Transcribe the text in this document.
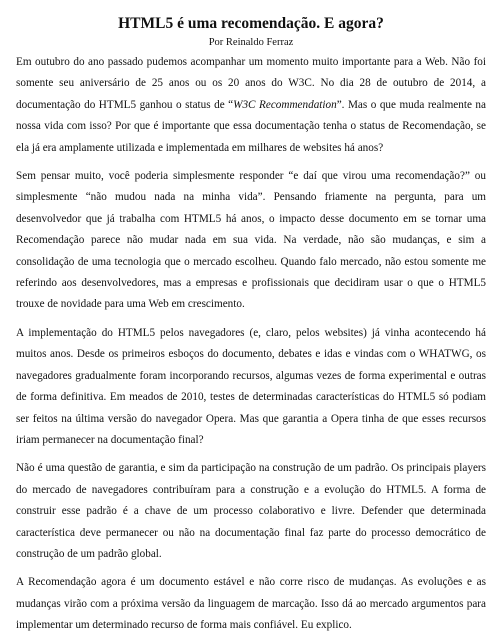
HTML5 é uma recomendação. E agora?
Por Reinaldo Ferraz

Em outubro do ano passado pudemos acompanhar um momento muito importante para a Web. Não foi somente seu aniversário de 25 anos ou os 20 anos do W3C. No dia 28 de outubro de 2014, a documentação do HTML5 ganhou o status de “W3C Recommendation”. Mas o que muda realmente na nossa vida com isso? Por que é importante que essa documentação tenha o status de Recomendação, se ela já era amplamente utilizada e implementada em milhares de websites há anos?

Sem pensar muito, você poderia simplesmente responder “e daí que virou uma recomendação?” ou simplesmente “não mudou nada na minha vida”. Pensando friamente na pergunta, para um desenvolvedor que já trabalha com HTML5 há anos, o impacto desse documento em se tornar uma Recomendação parece não mudar nada em sua vida. Na verdade, não são mudanças, e sim a consolidação de uma tecnologia que o mercado escolheu. Quando falo mercado, não estou somente me referindo aos desenvolvedores, mas a empresas e profissionais que decidiram usar o que o HTML5 trouxe de novidade para uma Web em crescimento.

A implementação do HTML5 pelos navegadores (e, claro, pelos websites) já vinha acontecendo há muitos anos. Desde os primeiros esboços do documento, debates e idas e vindas com o WHATWG, os navegadores gradualmente foram incorporando recursos, algumas vezes de forma experimental e outras de forma definitiva. Em meados de 2010, testes de determinadas características do HTML5 só podiam ser feitos na última versão do navegador Opera. Mas que garantia a Opera tinha de que esses recursos iriam permanecer na documentação final?

Não é uma questão de garantia, e sim da participação na construção de um padrão. Os principais players do mercado de navegadores contribuíram para a construção e a evolução do HTML5. A forma de construir esse padrão é a chave de um processo colaborativo e livre. Defender que determinada característica deve permanecer ou não na documentação final faz parte do processo democrático de construção de um padrão global.

A Recomendação agora é um documento estável e não corre risco de mudanças. As evoluções e as mudanças virão com a próxima versão da linguagem de marcação. Isso dá ao mercado argumentos para implementar um determinado recurso de forma mais confiável. Eu explico.
